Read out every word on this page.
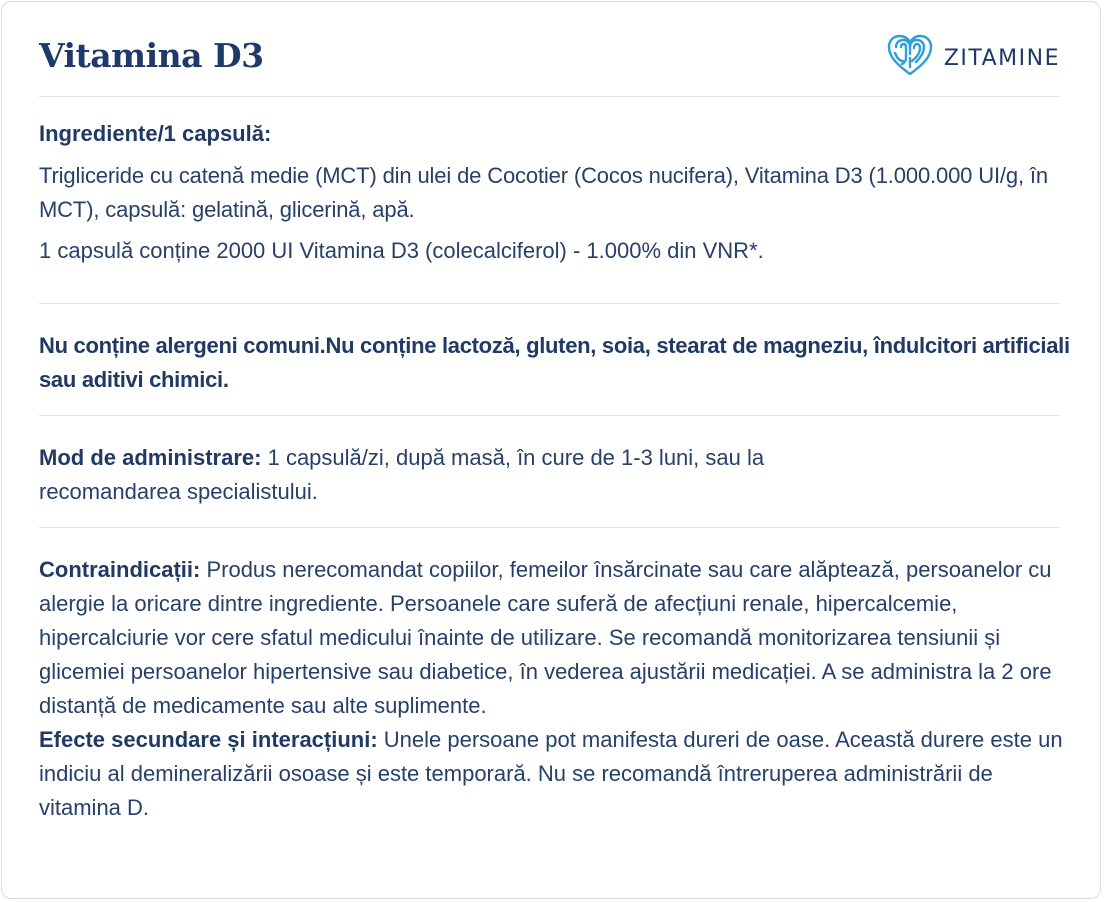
Vitamina D3	ZITAMINE

Ingrediente/1 capsulă:

Trigliceride cu catenă medie (MCT) din ulei de Cocotier (Cocos nucifera), Vitamina D3 (1.000.000 UI/g, în MCT), capsulă: gelatină, glicerină, apă.

1 capsulă conține 2000 UI Vitamina D3 (colecalciferol) - 1.000% din VNR*.

Nu conține alergeni comuni.Nu conține lactoză, gluten, soia, stearat de magneziu, îndulcitori artificiali sau aditivi chimici.

Mod de administrare: 1 capsulă/zi, după masă, în cure de 1-3 luni, sau la recomandarea specialistului.

Contraindicații: Produs nerecomandat copiilor, femeilor însărcinate sau care alăptează, persoanelor cu alergie la oricare dintre ingrediente. Persoanele care suferă de afecțiuni renale, hipercalcemie, hipercalciurie vor cere sfatul medicului înainte de utilizare. Se recomandă monitorizarea tensiunii și glicemiei persoanelor hipertensive sau diabetice, în vederea ajustării medicației. A se administra la 2 ore distanță de medicamente sau alte suplimente.

Efecte secundare și interacțiuni: Unele persoane pot manifesta dureri de oase. Această durere este un indiciu al demineralizării osoase și este temporară. Nu se recomandă întreruperea administrării de vitamina D.
